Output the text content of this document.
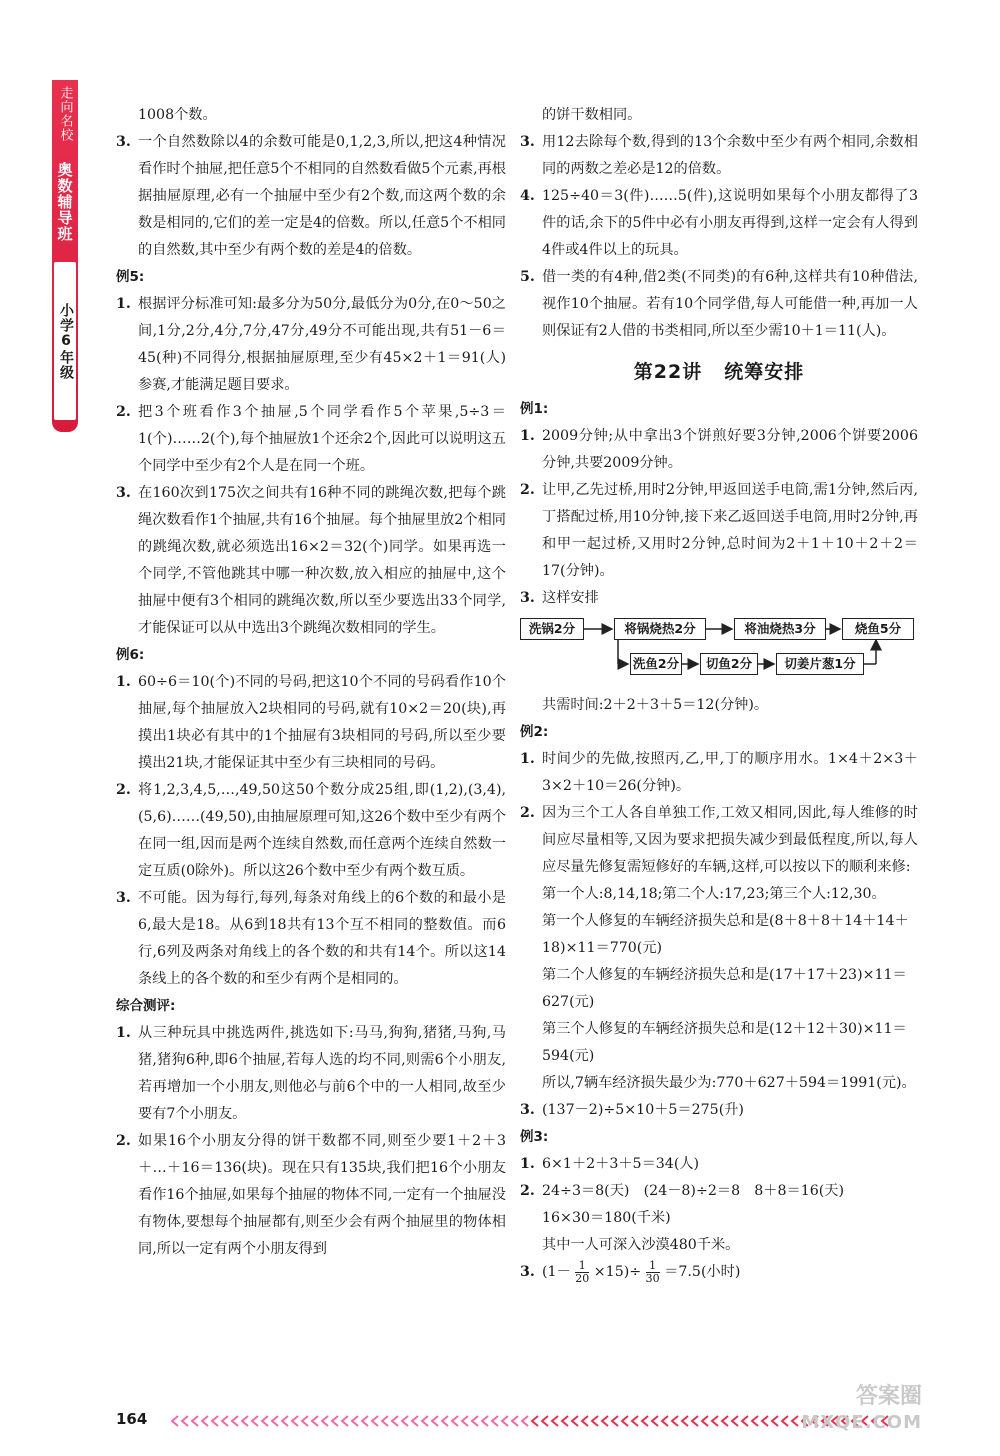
走向名校
奥数辅导班
小学6年级

1008个数。

3. 一个自然数除以4的余数可能是0,1,2,3,所以,把这4种情况看作时个抽屉,把任意5个不相同的自然数看做5个元素,再根据抽屉原理,必有一个抽屉中至少有2个数,而这两个数的余数是相同的,它们的差一定是4的倍数。所以,任意5个不相同的自然数,其中至少有两个数的差是4的倍数。

例5:

1. 根据评分标准可知:最多分为50分,最低分为0分,在0～50之间,1分,2分,4分,7分,47分,49分不可能出现,共有51－6＝45(种)不同得分,根据抽屉原理,至少有45×2＋1＝91(人)参赛,才能满足题目要求。
2. 把3个班看作3个抽屉,5个同学看作5个苹果,5÷3＝1(个)……2(个),每个抽屉放1个还余2个,因此可以说明这五个同学中至少有2个人是在同一个班。
3. 在160次到175次之间共有16种不同的跳绳次数,把每个跳绳次数看作1个抽屉,共有16个抽屉。每个抽屉里放2个相同的跳绳次数,就必须选出16×2＝32(个)同学。如果再选一个同学,不管他跳其中哪一种次数,放入相应的抽屉中,这个抽屉中便有3个相同的跳绳次数,所以至少要选出33个同学,才能保证可以从中选出3个跳绳次数相同的学生。

例6:

1. 60÷6＝10(个)不同的号码,把这10个不同的号码看作10个抽屉,每个抽屉放入2块相同的号码,就有10×2＝20(块),再摸出1块必有其中的1个抽屉有3块相同的号码,所以至少要摸出21块,才能保证其中至少有三块相同的号码。
2. 将1,2,3,4,5,…,49,50这50个数分成25组,即(1,2),(3,4),(5,6)……(49,50),由抽屉原理可知,这26个数中至少有两个在同一组,因而是两个连续自然数,而任意两个连续自然数一定互质(0除外)。所以这26个数中至少有两个数互质。
3. 不可能。因为每行,每列,每条对角线上的6个数的和最小是6,最大是18。从6到18共有13个互不相同的整数值。而6行,6列及两条对角线上的各个数的和共有14个。所以这14条线上的各个数的和至少有两个是相同的。

综合测评:

1. 从三种玩具中挑选两件,挑选如下:马马,狗狗,猪猪,马狗,马猪,猪狗6种,即6个抽屉,若每人选的均不同,则需6个小朋友,若再增加一个小朋友,则他必与前6个中的一人相同,故至少要有7个小朋友。
2. 如果16个小朋友分得的饼干数都不同,则至少要1＋2＋3＋…＋16＝136(块)。现在只有135块,我们把16个小朋友看作16个抽屉,如果每个抽屉的物体不同,一定有一个抽屉没有物体,要想每个抽屉都有,则至少会有两个抽屉里的物体相同,所以一定有两个小朋友得到

的饼干数相同。

3. 用12去除每个数,得到的13个余数中至少有两个相同,余数相同的两数之差必是12的倍数。
4. 125÷40＝3(件)……5(件),这说明如果每个小朋友都得了3件的话,余下的5件中必有小朋友再得到,这样一定会有人得到4件或4件以上的玩具。
5. 借一类的有4种,借2类(不同类)的有6种,这样共有10种借法,视作10个抽屉。若有10个同学借,每人可能借一种,再加一人则保证有2人借的书类相同,所以至少需10＋1＝11(人)。
第22讲 统筹安排

例1:

1. 2009分钟;从中拿出3个饼煎好要3分钟,2006个饼要2006分钟,共要2009分钟。
2. 让甲,乙先过桥,用时2分钟,甲返回送手电筒,需1分钟,然后丙,丁搭配过桥,用10分钟,接下来乙返回送手电筒,用时2分钟,再和甲一起过桥,又用时2分钟,总时间为2＋1＋10＋2＋2＝17(分钟)。
3. 这样安排
洗锅2分	将锅烧热2分	将油烧热3分	烧鱼5分
洗鱼2分	切鱼2分	切姜片葱1分

共需时间:2＋2＋3＋5＝12(分钟)。

例2:

1. 时间少的先做,按照丙,乙,甲,丁的顺序用水。1×4＋2×3＋3×2＋10＝26(分钟)。
2. 因为三个工人各自单独工作,工效又相同,因此,每人维修的时间应尽量相等,又因为要求把损失减少到最低程度,所以,每人应尽量先修复需短修好的车辆,这样,可以按以下的顺利来修:

第一个人:8,14,18;第二个人:17,23;第三个人:12,30。

第一个人修复的车辆经济损失总和是(8＋8＋8＋14＋14＋18)×11＝770(元)

第二个人修复的车辆经济损失总和是(17＋17＋23)×11＝627(元)

第三个人修复的车辆经济损失总和是(12＋12＋30)×11＝594(元)

所以,7辆车经济损失最少为:770＋627＋594＝1991(元)。

3. (137－2)÷5×10＋5＝275(升)

例3:

1. 6×1＋2＋3＋5＝34(人)
2. 24÷3＝8(天)　(24－8)÷2＝8　8＋8＝16(天)

16×30＝180(千米)

其中一人可深入沙漠480千米。

3. $(1- \frac{1}{20} \times 15)\div \frac{1}{30} =7.5$(小时)
164
答案圈
MXQE.COM
